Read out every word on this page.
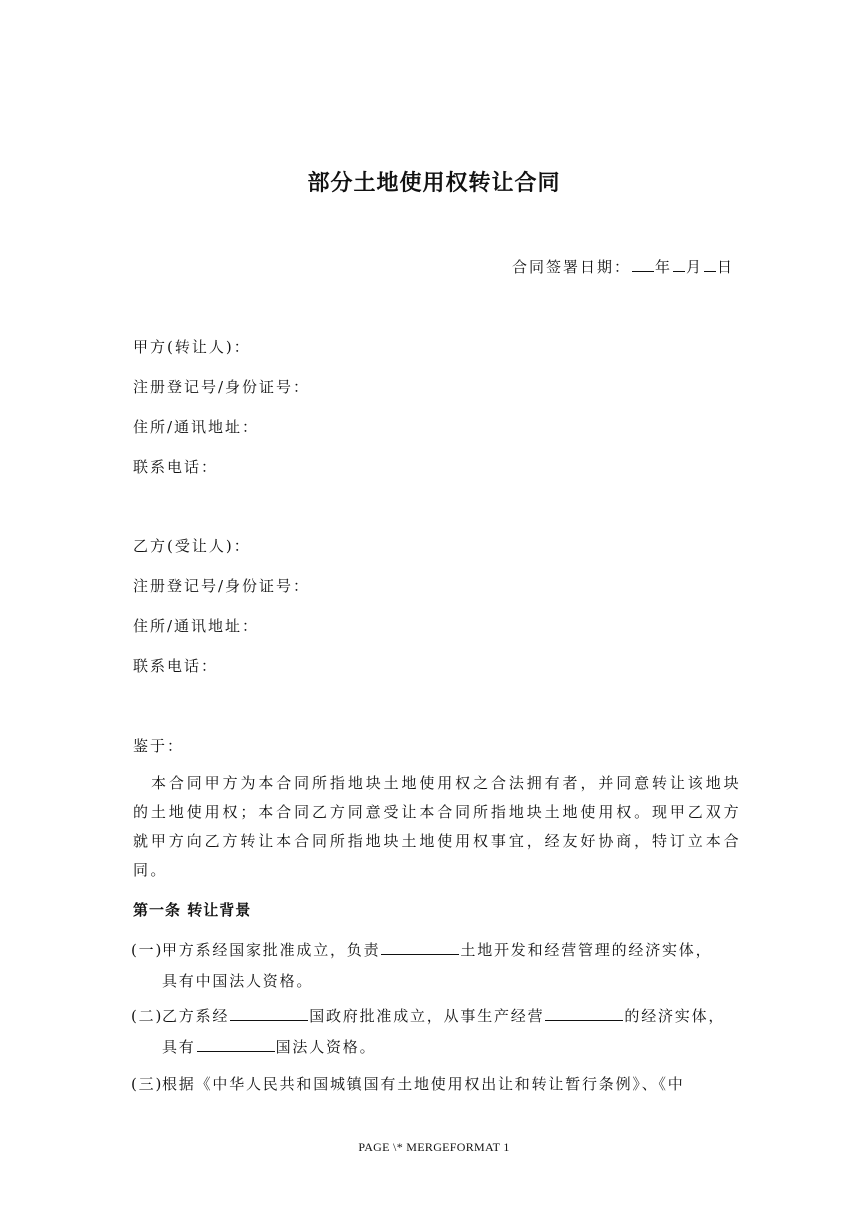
部分土地使用权转让合同
合同签署日期： 年 月 日
甲方(转让人)：
注册登记号/身份证号：
住所/通讯地址：
联系电话：
乙方(受让人)：
注册登记号/身份证号：
住所/通讯地址：
联系电话：
鉴于：
本合同甲方为本合同所指地块土地使用权之合法拥有者，并同意转让该地块的土地使用权；本合同乙方同意受让本合同所指地块土地使用权。现甲乙双方就甲方向乙方转让本合同所指地块土地使用权事宜，经友好协商，特订立本合同。
第一条 转让背景
(一)
甲方系经国家批准成立，负责	土地开发和经营管理的经济实体，
具有中国法人资格。
(二)
乙方系经	国政府批准成立，从事生产经营	的经济实体，
具有	国法人资格。
(三)
根据《中华人民共和国城镇国有土地使用权出让和转让暂行条例》、《中
PAGE \* MERGEFORMAT 1
